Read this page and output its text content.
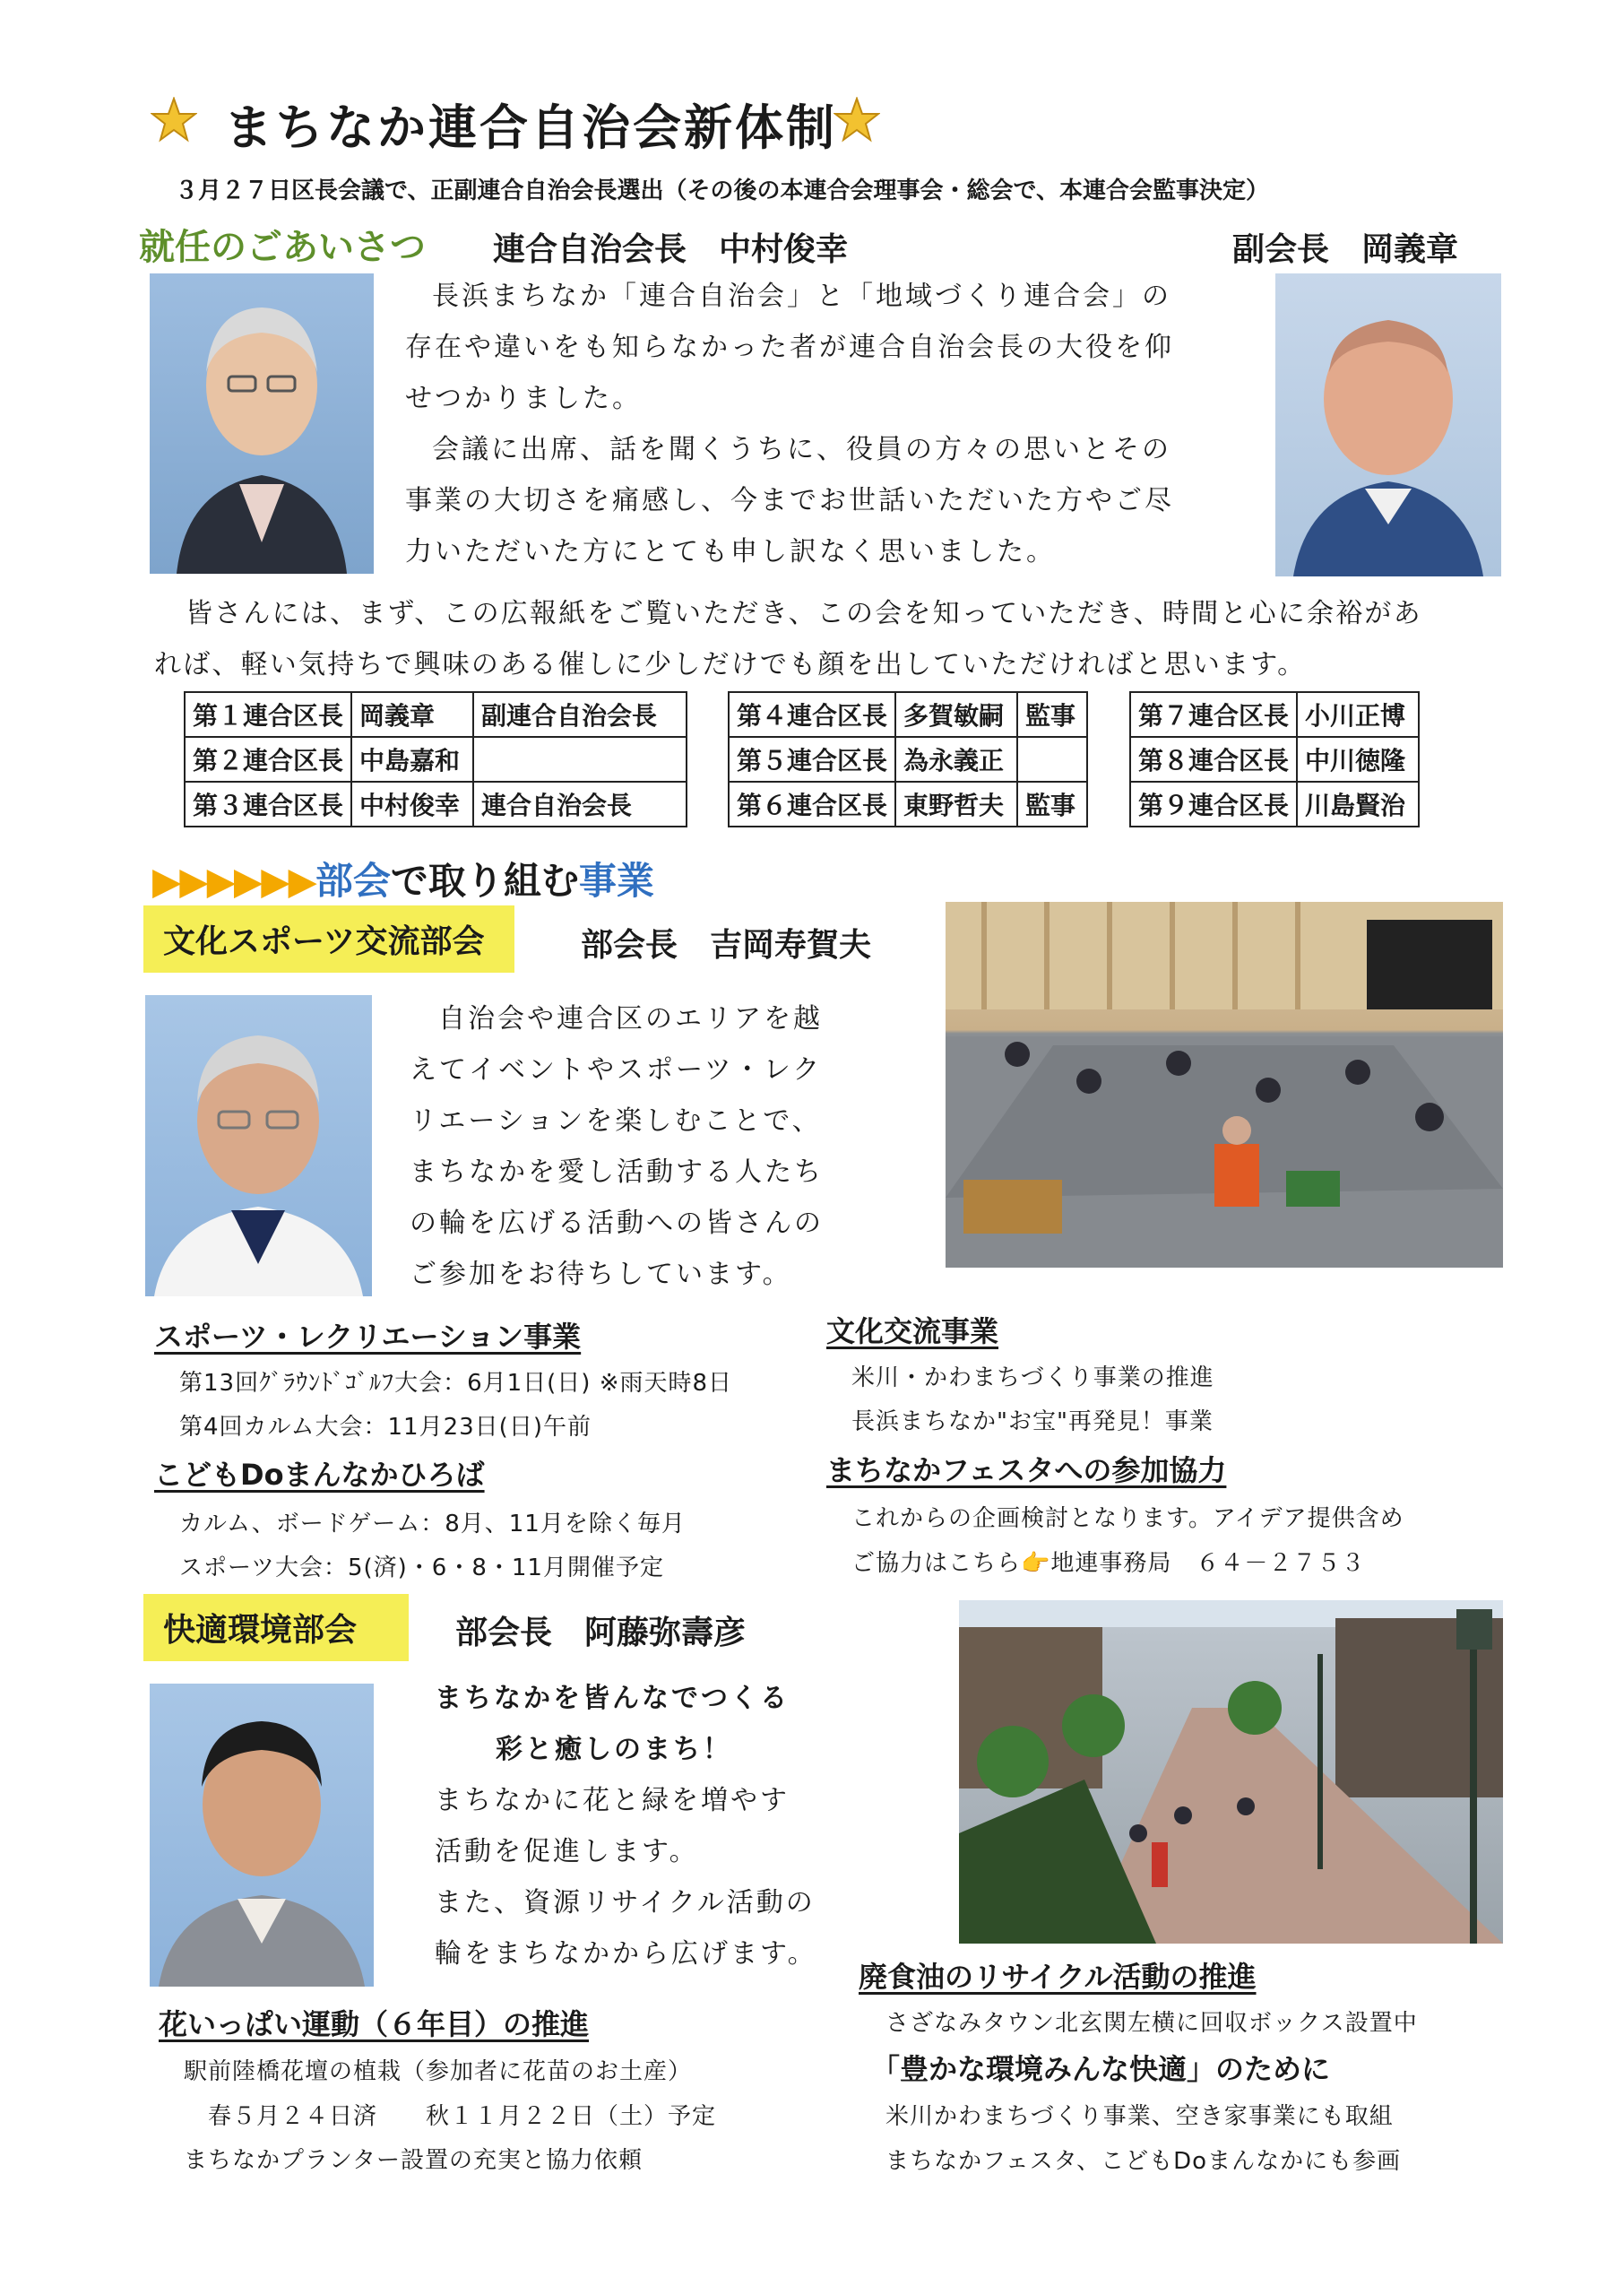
まちなか連合自治会新体制
３月２７日区長会議で、正副連合自治会長選出（その後の本連合会理事会・総会で、本連合会監事決定）
就任のごあいさつ 連合自治会長　中村俊幸	副会長　岡義章
長浜まちなか「連合自治会」と「地域づくり連合会」の
存在や違いをも知らなかった者が連合自治会長の大役を仰
せつかりました。
会議に出席、話を聞くうちに、役員の方々の思いとその
事業の大切さを痛感し、今までお世話いただいた方やご尽
力いただいた方にとても申し訳なく思いました。
皆さんには、まず、この広報紙をご覧いただき、この会を知っていただき、時間と心に余裕があ
れば、軽い気持ちで興味のある催しに少しだけでも顔を出していただければと思います。
第１連合区長	岡義章	副連合自治会長
第２連合区長	中島嘉和	
第３連合区長	中村俊幸	連合自治会長
第４連合区長	多賀敏嗣	監事
第５連合区長	為永義正	
第６連合区長	東野哲夫	監事
第７連合区長	小川正博
第８連合区長	中川徳隆
第９連合区長	川島賢治
▶▶▶▶▶▶部会で取り組む事業
文化スポーツ交流部会	部会長　吉岡寿賀夫
自治会や連合区のエリアを越
えてイベントやスポーツ・レク
リエーションを楽しむことで、
まちなかを愛し活動する人たち
の輪を広げる活動への皆さんの
ご参加をお待ちしています。
スポーツ・レクリエーション事業
第13回ｸﾞﾗｳﾝﾄﾞｺﾞﾙﾌ大会：6月1日(日) ※雨天時8日
第4回カルム大会：11月23日(日)午前
こどもDoまんなかひろば
カルム、ボードゲーム：8月、11月を除く毎月
スポーツ大会：5(済)・6・8・11月開催予定
文化交流事業
米川・かわまちづくり事業の推進
長浜まちなか"お宝"再発見！事業
まちなかフェスタへの参加協力
これからの企画検討となります。アイデア提供含め
ご協力はこちら👉地連事務局　６４－２７５３
快適環境部会	部会長　阿藤弥壽彦
まちなかを皆んなでつくる
彩と癒しのまち！
まちなかに花と緑を増やす
活動を促進します。
また、資源リサイクル活動の
輪をまちなかから広げます。
花いっぱい運動（６年目）の推進
駅前陸橋花壇の植栽（参加者に花苗のお土産）
春５月２４日済　　秋１１月２２日（土）予定
まちなかプランター設置の充実と協力依頼
廃食油のリサイクル活動の推進
さざなみタウン北玄関左横に回収ボックス設置中
「豊かな環境みんな快適」のために
米川かわまちづくり事業、空き家事業にも取組
まちなかフェスタ、こどもDoまんなかにも参画
